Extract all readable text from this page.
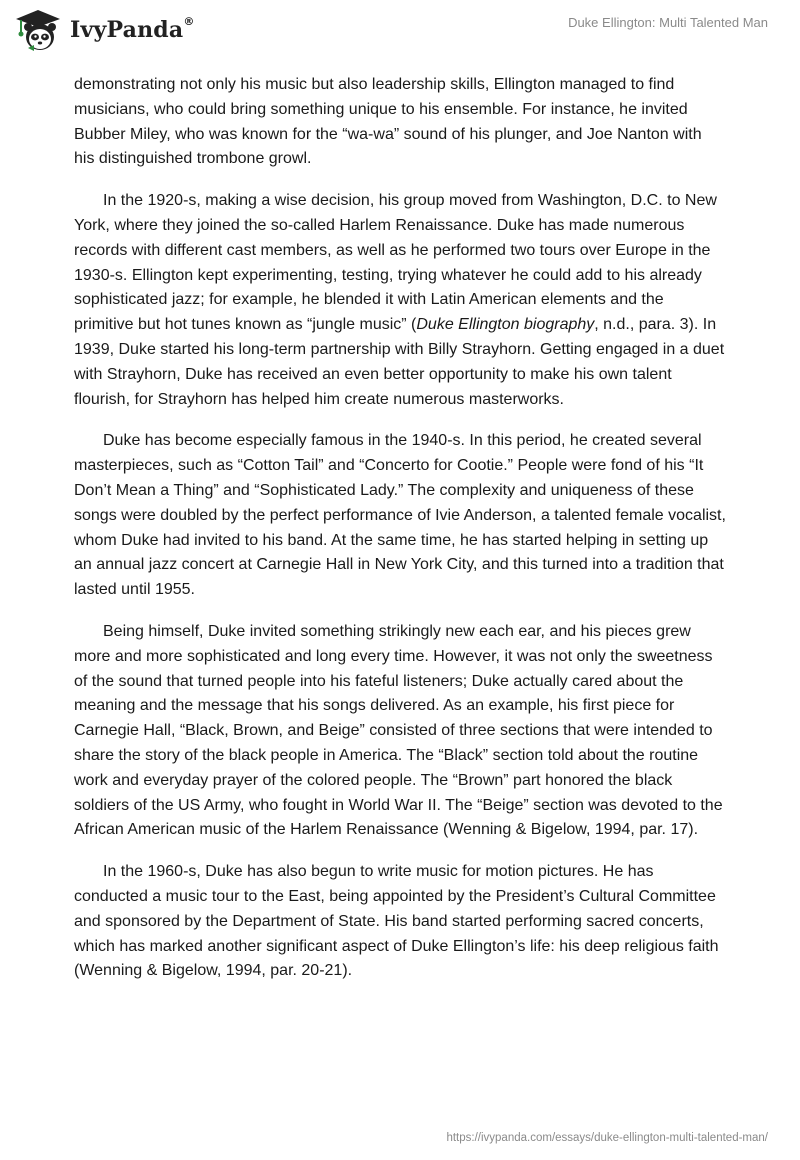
IvyPanda®	Duke Ellington: Multi Talented Man

demonstrating not only his music but also leadership skills, Ellington managed to find musicians, who could bring something unique to his ensemble. For instance, he invited Bubber Miley, who was known for the “wa-wa” sound of his plunger, and Joe Nanton with his distinguished trombone growl.

In the 1920-s, making a wise decision, his group moved from Washington, D.C. to New York, where they joined the so-called Harlem Renaissance. Duke has made numerous records with different cast members, as well as he performed two tours over Europe in the 1930-s. Ellington kept experimenting, testing, trying whatever he could add to his already sophisticated jazz; for example, he blended it with Latin American elements and the primitive but hot tunes known as “jungle music” (Duke Ellington biography, n.d., para. 3). In 1939, Duke started his long-term partnership with Billy Strayhorn. Getting engaged in a duet with Strayhorn, Duke has received an even better opportunity to make his own talent flourish, for Strayhorn has helped him create numerous masterworks.

Duke has become especially famous in the 1940-s. In this period, he created several masterpieces, such as “Cotton Tail” and “Concerto for Cootie.” People were fond of his “It Don’t Mean a Thing” and “Sophisticated Lady.” The complexity and uniqueness of these songs were doubled by the perfect performance of Ivie Anderson, a talented female vocalist, whom Duke had invited to his band. At the same time, he has started helping in setting up an annual jazz concert at Carnegie Hall in New York City, and this turned into a tradition that lasted until 1955.

Being himself, Duke invited something strikingly new each ear, and his pieces grew more and more sophisticated and long every time. However, it was not only the sweetness of the sound that turned people into his fateful listeners; Duke actually cared about the meaning and the message that his songs delivered. As an example, his first piece for Carnegie Hall, “Black, Brown, and Beige” consisted of three sections that were intended to share the story of the black people in America. The “Black” section told about the routine work and everyday prayer of the colored people. The “Brown” part honored the black soldiers of the US Army, who fought in World War II. The “Beige” section was devoted to the African American music of the Harlem Renaissance (Wenning & Bigelow, 1994, par. 17).

In the 1960-s, Duke has also begun to write music for motion pictures. He has conducted a music tour to the East, being appointed by the President’s Cultural Committee and sponsored by the Department of State. His band started performing sacred concerts, which has marked another significant aspect of Duke Ellington’s life: his deep religious faith (Wenning & Bigelow, 1994, par. 20-21).

https://ivypanda.com/essays/duke-ellington-multi-talented-man/
